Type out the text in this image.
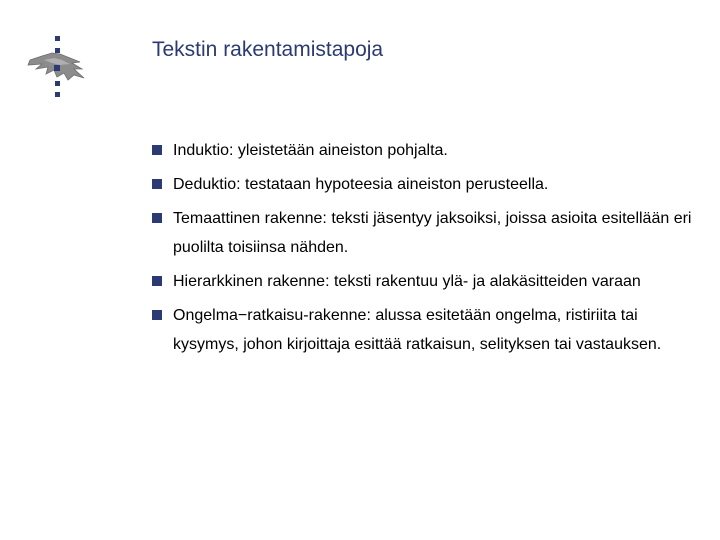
Tekstin rakentamistapoja
Induktio: yleistetään aineiston pohjalta.
Deduktio: testataan hypoteesia aineiston perusteella.
Temaattinen rakenne: teksti jäsentyy jaksoiksi, joissa asioita esitellään eri puolilta toisiinsa nähden.
Hierarkkinen rakenne: teksti rakentuu ylä- ja alakäsitteiden varaan
Ongelma−ratkaisu-rakenne: alussa esitetään ongelma, ristiriita tai kysymys, johon kirjoittaja esittää ratkaisun, selityksen tai vastauksen.
